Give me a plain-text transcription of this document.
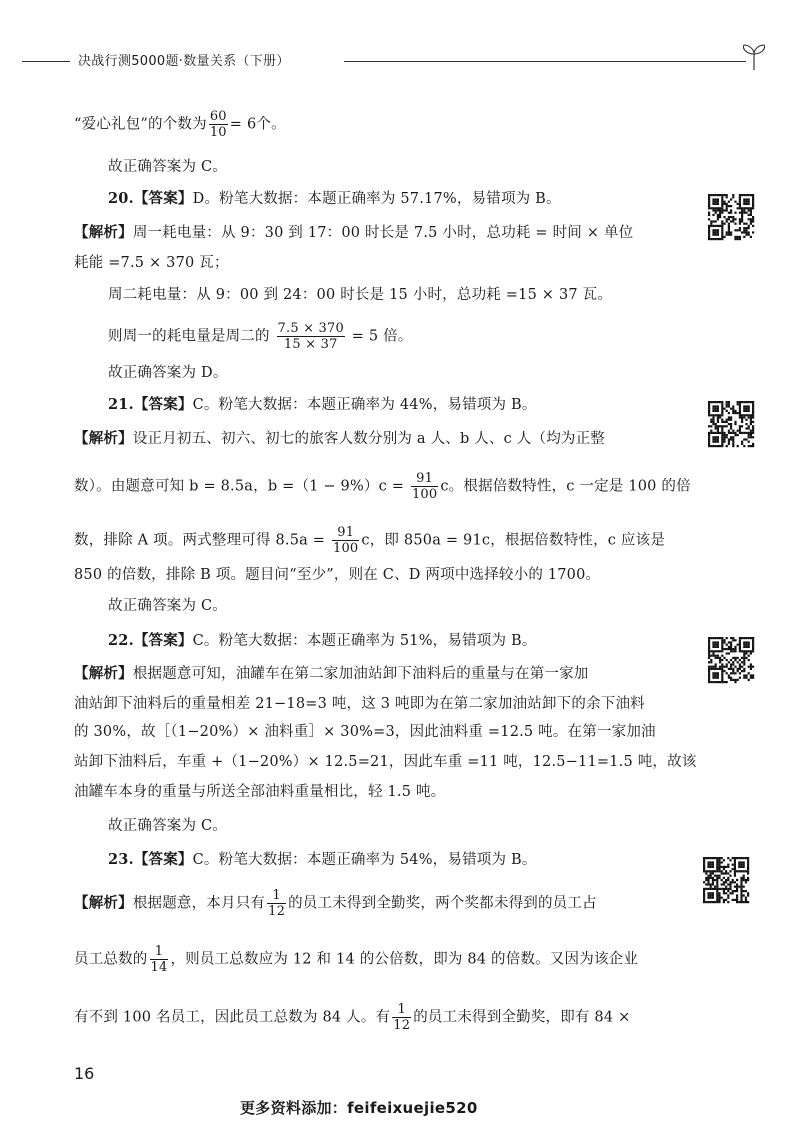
决战行测5000题·数量关系（下册）
“爱心礼包”的个数为 $\frac{60}{10} = 6$个。
故正确答案为 C。
20.【答案】D。粉笔大数据：本题正确率为 57.17%，易错项为 B。
【解析】周一耗电量：从 9：30 到 17：00 时长是 7.5 小时，总功耗 = 时间 × 单位
耗能 =7.5 × 370 瓦；
周二耗电量：从 9：00 到 24：00 时长是 15 小时，总功耗 =15 × 37 瓦。
则周一的耗电量是周二的 $\frac{7.5 \times 370}{15 \times 37} = 5$ 倍。
故正确答案为 D。
21.【答案】C。粉笔大数据：本题正确率为 44%，易错项为 B。
【解析】设正月初五、初六、初七的旅客人数分别为 a 人、b 人、c 人（均为正整
数）。由题意可知 b = 8.5a，$b =(1 - 9\%)c = \frac{91}{100}$ c。根据倍数特性，c 一定是 100 的倍
数，排除 A 项。两式整理可得 $8.5a = \frac{91}{100}$ c，即 850a = 91c，根据倍数特性，c 应该是
850 的倍数，排除 B 项。题目问“至少”，则在 C、D 两项中选择较小的 1700。
故正确答案为 C。
22.【答案】C。粉笔大数据：本题正确率为 51%，易错项为 B。
【解析】根据题意可知，油罐车在第二家加油站卸下油料后的重量与在第一家加
油站卸下油料后的重量相差 21−18=3 吨，这 3 吨即为在第二家加油站卸下的余下油料
的 30%，故［（1−20%）× 油料重］× 30%=3，因此油料重 =12.5 吨。在第一家加油
站卸下油料后，车重 +（1−20%）× 12.5=21，因此车重 =11 吨，12.5−11=1.5 吨，故该
油罐车本身的重量与所送全部油料重量相比，轻 1.5 吨。
故正确答案为 C。
23.【答案】C。粉笔大数据：本题正确率为 54%，易错项为 B。
【解析】根据题意，本月只有 $\frac{1}{12}$ 的员工未得到全勤奖，两个奖都未得到的员工占
员工总数的 $\frac{1}{14}$ ，则员工总数应为 12 和 14 的公倍数，即为 84 的倍数。又因为该企业
有不到 100 名员工，因此员工总数为 84 人。有 $\frac{1}{12}$ 的员工未得到全勤奖，即有 84 ×
16
更多资料添加：feifeixuejie520
